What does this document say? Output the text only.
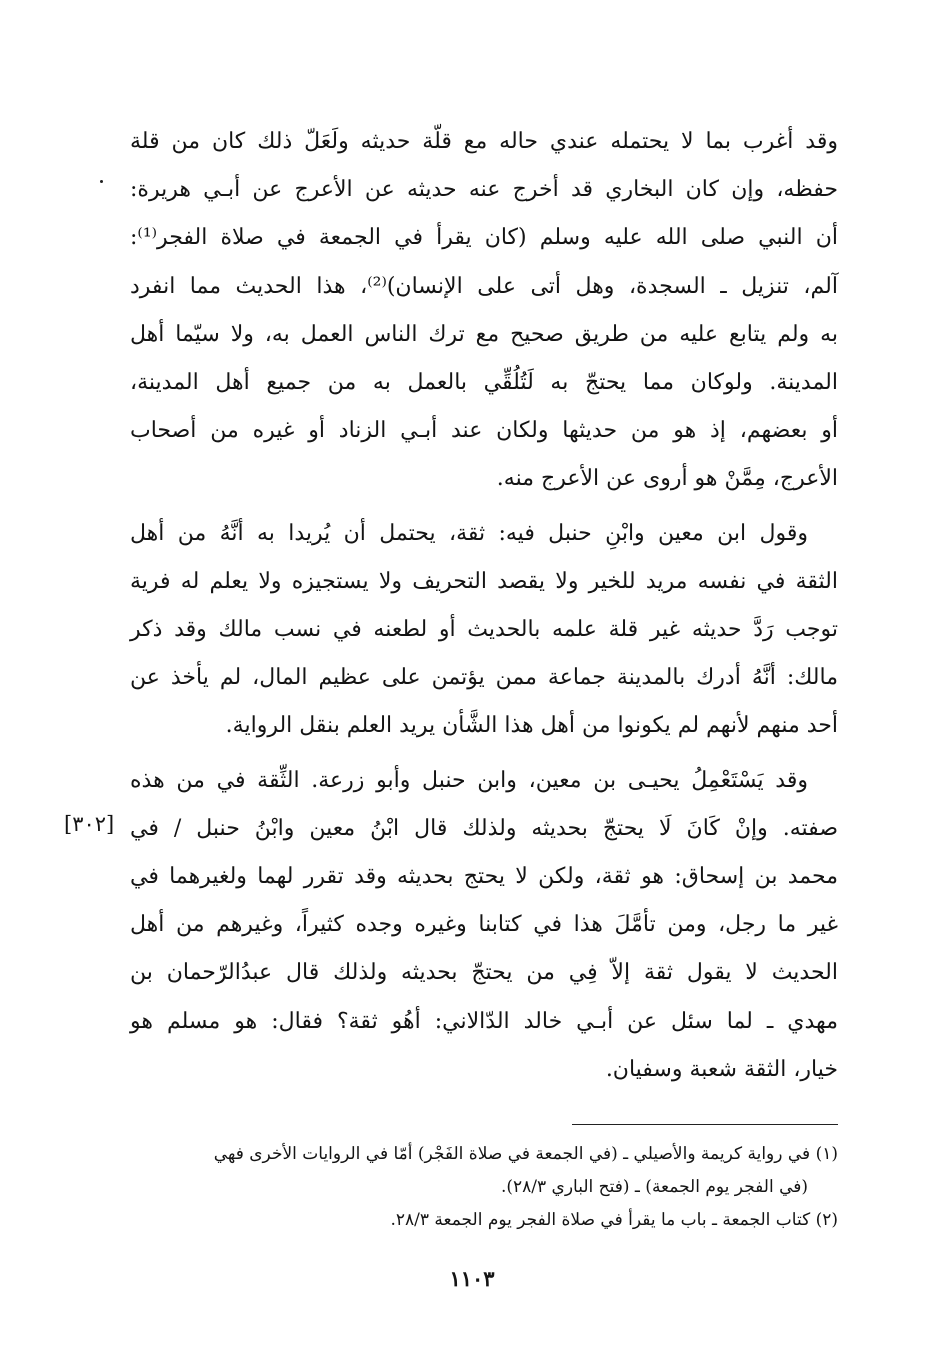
وقد أغرب بما لا يحتمله عندي حاله مع قلّة حديثه ولَعَلّ ذلك كان من قلة
حفظه، وإن كان البخاري قد أخرج عنه حديثه عن الأعرج عن أبـي هريرة:
أن النبي صلى الله عليه وسلم (كان يقرأ في الجمعة في صلاة الفجر⁽¹⁾:
آلم، تنزيل ـ السجدة، وهل أتى على الإنسان)⁽²⁾، هذا الحديث مما انفرد
به ولم يتابع عليه من طريق صحيح مع ترك الناس العمل به، ولا سيّما أهل
المدينة. ولوكان مما يحتجّ به لَتُلُقِّي بالعمل به من جميع أهل المدينة،
أو بعضهم، إذ هو من حديثها ولكان عند أبـي الزناد أو غيره من أصحاب
الأعرج، مِمَّنْ هو أروى عن الأعرج منه.

وقول ابن معين وابْنِ حنبل فيه: ثقة، يحتمل أن يُريدا به أنَّهُ من أهل
الثقة في نفسه مريد للخير ولا يقصد التحريف ولا يستجيزه ولا يعلم له فرية
توجب رَدَّ حديثه غير قلة علمه بالحديث أو لطعنه في نسب مالك وقد ذكر
مالك: أنَّهُ أدرك بالمدينة جماعة ممن يؤتمن على عظيم المال، لم يأخذ عن
أحد منهم لأنهم لم يكونوا من أهل هذا الشَّأن يريد العلم بنقل الرواية.

وقد يَسْتَعْمِلُ يحيـى بن معين، وابن حنبل وأبو زرعة. الثِّقة في من هذه
صفته. وإنْ كَانَ لَا يحتجّ بحديثه ولذلك قال ابْنُ معين وابْنُ حنبل / في
محمد بن إسحاق: هو ثقة، ولكن لا يحتج بحديثه وقد تقرر لهما ولغيرهما في
غير ما رجل، ومن تأمَّلَ هذا في كتابنا وغيره وجده كثيراً، وغيرهم من أهل
الحديث لا يقول ثقة إلاّ فِي من يحتجّ بحديثه ولذلك قال عبدُالرّحمان بن
مهدي ـ لما سئل عن أبـي خالد الدّالاني: أهُو ثقة؟ فقال: هو مسلم هو
خيار، الثقة شعبة وسفيان.

[٣٠٢]

(١) في رواية كريمة والأصيلي ـ (في الجمعة في صلاة الفَجْر) أمّا في الروايات الأخرى فهي
(في الفجر يوم الجمعة) ـ (فتح الباري ٢٨/٣).

(٢) كتاب الجمعة ـ باب ما يقرأ في صلاة الفجر يوم الجمعة ٢٨/٣.

١١٠٣
